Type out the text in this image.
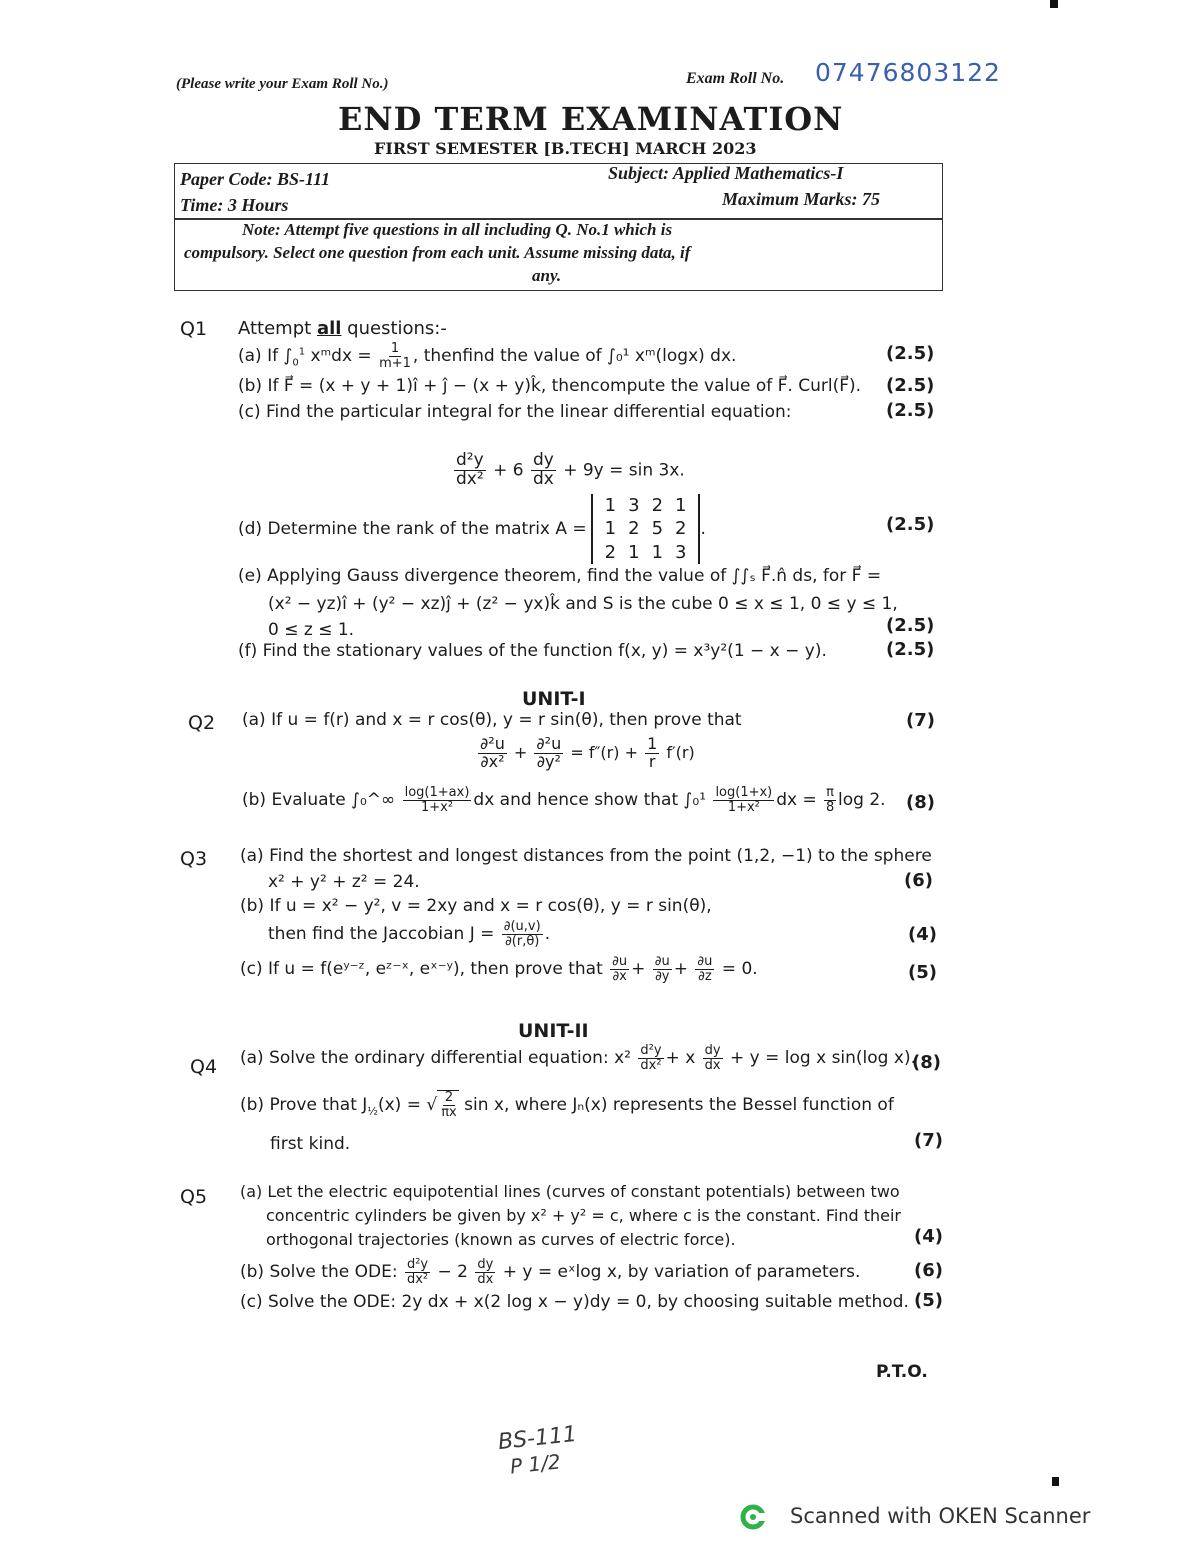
(Please write your Exam Roll No.)	Exam Roll No. 07476803122
END TERM EXAMINATION
FIRST SEMESTER [B.TECH] MARCH 2023
Paper Code: BS-111	Subject: Applied Mathematics-I
Time: 3 Hours	Maximum Marks: 75
Note: Attempt five questions in all including Q. No.1 which is
compulsory. Select one question from each unit. Assume missing data, if
any.
Q1 Attempt all questions:-
(a) If $\int_0^1$ xᵐdx = $\frac{1}{m+1}$ , thenfind the value of ∫₀¹ xᵐ(logx) dx.	(2.5)
(b) If F⃗ = (x + y + 1)î + ĵ − (x + y)k̂, thencompute the value of F⃗. Curl(F⃗). (2.5)
(c) Find the particular integral for the linear differential equation:	(2.5)
$\frac{\text{d²y}}{\text{dx²}} + 6 \frac{dy}{dx} + 9y = \sin 3x$.
(d) Determine the rank of the matrix A =
1	3	2	1
1	2	5	2
2	1	1	3
.	(2.5)
(e) Applying Gauss divergence theorem, find the value of ∫∫ₛ F⃗.n̂ ds, for F⃗ =
(x² − yz)î + (y² − xz)ĵ + (z² − yx)k̂ and S is the cube 0 ≤ x ≤ 1, 0 ≤ y ≤ 1,
0 ≤ z ≤ 1.	(2.5)
(f) Find the stationary values of the function f(x, y) = x³y²(1 − x − y).	(2.5)
UNIT-I
Q2 (a) If u = f(r) and x = r cos(θ), y = r sin(θ), then prove that	(7)
$\frac{\text{∂²u}}{\text{∂x²}} + \frac{\text{∂²u}}{\text{∂y²}} = f''(r) + \frac{1}{r} f'(r)$
(b) Evaluate ∫₀^∞ $\frac{\log(1+ax)}{\text{1+x²}}$ dx and hence show that $\int_0^1 \frac{\log(1+x)}{\text{1+x²}}$ dx = $\frac{\pi}{8}$ log 2. (8)
Q3 (a) Find the shortest and longest distances from the point (1,2, −1) to the sphere
x² + y² + z² = 24.	(6)
(b) If u = x² − y², v = 2xy and x = r cos(θ), y = r sin(θ),
then find the Jaccobian $J = \frac{\partial(u,v)}{\partial(r,\theta)}$ .	(4)
(c) If u = f(eʸ⁻ᶻ, eᶻ⁻ˣ, eˣ⁻ʸ), then prove that $\frac{\partial u}{\partial x} + \frac{\partial u}{\partial y} + \frac{\partial u}{\partial z} = 0$.	(5)
UNIT-II
Q4 (a) Solve the ordinary differential equation: $x^2 \frac{\text{d²y}}{\text{dx²}} + x \frac{dy}{dx} + y = \log x$ sin(log x).
(8)
(b) Prove that $J_{\frac{1}{2}}(x)$ = √ $\frac{2}{\pi x}$ sin x, where Jₙ(x) represents the Bessel function of
first kind.	(7)
Q5 (a) Let the electric equipotential lines (curves of constant potentials) between two
concentric cylinders be given by x² + y² = c, where c is the constant. Find their
orthogonal trajectories (known as curves of electric force).	(4)
(b) Solve the ODE: $\frac{\text{d²y}}{\text{dx²}} - 2 \frac{dy}{dx} + y$ = eˣlog x, by variation of parameters.	(6)
(c) Solve the ODE: 2y dx + x(2 log x − y)dy = 0, by choosing suitable method. (5)
P.T.O.
BS-111
P 1/2
Scanned with OKEN Scanner
